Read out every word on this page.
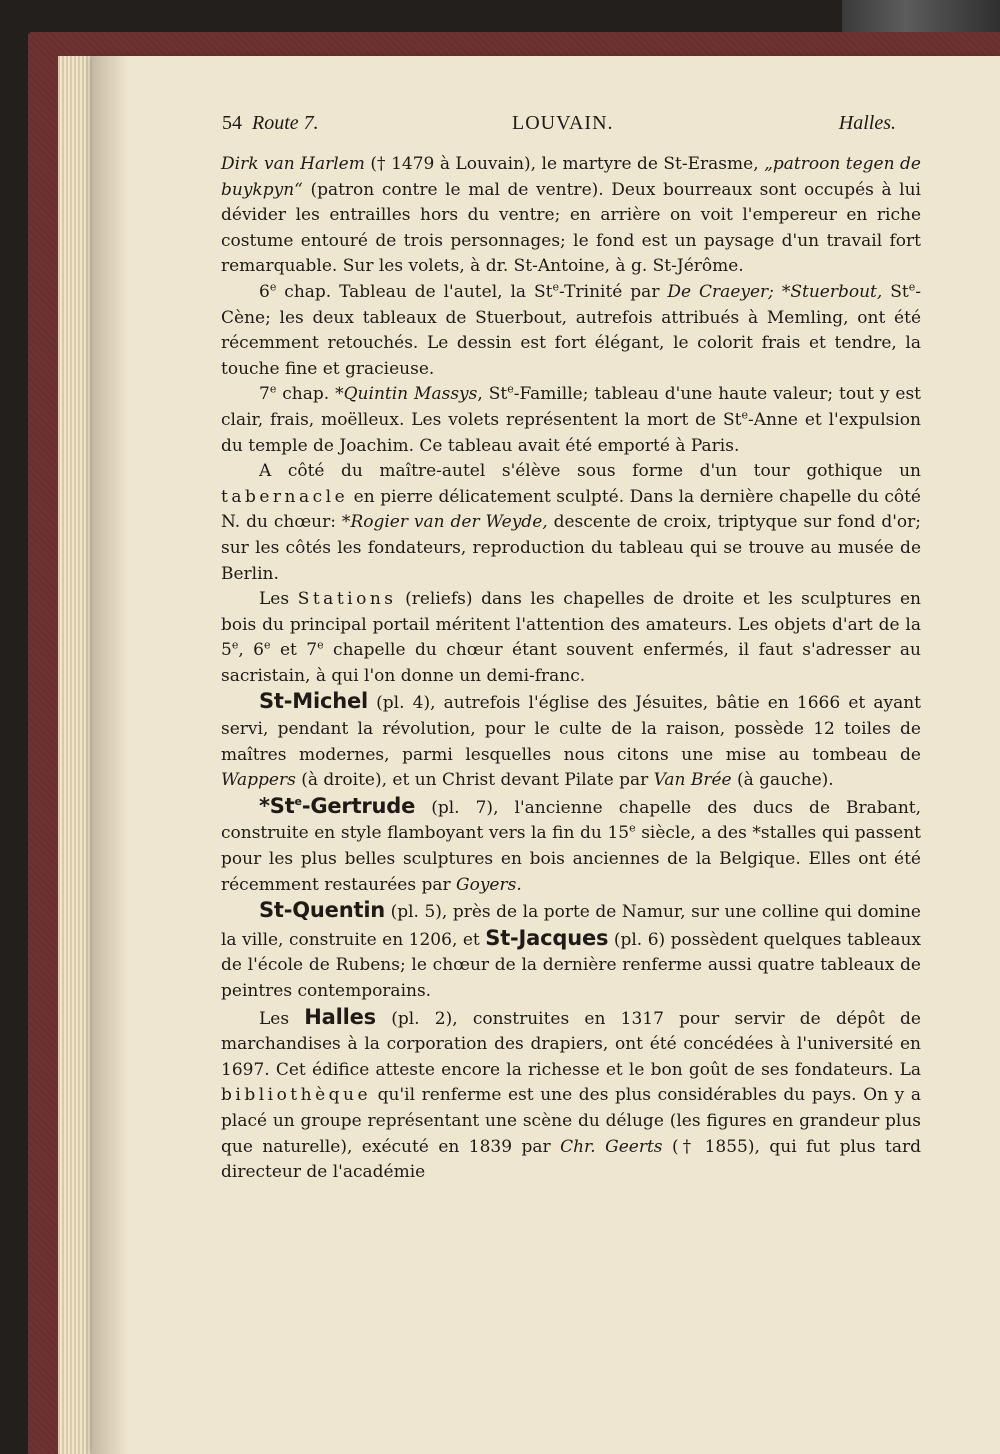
54 Route 7.	LOUVAIN.	Halles.

Dirk van Harlem († 1479 à Louvain), le martyre de St-Erasme, „patroon tegen de buykpyn“ (patron contre le mal de ventre). Deux bourreaux sont occupés à lui dévider les entrailles hors du ventre; en arrière on voit l'empereur en riche costume entouré de trois personnages; le fond est un paysage d'un travail fort remarquable. Sur les volets, à dr. St-Antoine, à g. St-Jérôme.

6e chap. Tableau de l'autel, la St$^e$-Trinité par De Craeyer; *Stuerbout, St$^e$-Cène; les deux tableaux de Stuerbout, autrefois attribués à Memling, ont été récemment retouchés. Le dessin est fort élégant, le colorit frais et tendre, la touche fine et gracieuse.

7e chap. *Quintin Massys, St$^e$-Famille; tableau d'une haute valeur; tout y est clair, frais, moëlleux. Les volets représentent la mort de St$^e$-Anne et l'expulsion du temple de Joachim. Ce tableau avait été emporté à Paris.

A côté du maître-autel s'élève sous forme d'un tour gothique un tabernacle en pierre délicatement sculpté. Dans la dernière chapelle du côté N. du chœur: *Rogier van der Weyde, descente de croix, triptyque sur fond d'or; sur les côtés les fondateurs, reproduction du tableau qui se trouve au musée de Berlin.

Les Stations (reliefs) dans les chapelles de droite et les sculptures en bois du principal portail méritent l'attention des amateurs. Les objets d'art de la 5e, 6e et 7e chapelle du chœur étant souvent enfermés, il faut s'adresser au sacristain, à qui l'on donne un demi-franc.

St-Michel (pl. 4), autrefois l'église des Jésuites, bâtie en 1666 et ayant servi, pendant la révolution, pour le culte de la raison, possède 12 toiles de maîtres modernes, parmi lesquelles nous citons une mise au tombeau de Wappers (à droite), et un Christ devant Pilate par Van Brée (à gauche).

*St$^e$-Gertrude (pl. 7), l'ancienne chapelle des ducs de Brabant, construite en style flamboyant vers la fin du 15e siècle, a des *stalles qui passent pour les plus belles sculptures en bois anciennes de la Belgique. Elles ont été récemment restaurées par Goyers.

St-Quentin (pl. 5), près de la porte de Namur, sur une colline qui domine la ville, construite en 1206, et St-Jacques (pl. 6) possèdent quelques tableaux de l'école de Rubens; le chœur de la dernière renferme aussi quatre tableaux de peintres contemporains.

Les Halles (pl. 2), construites en 1317 pour servir de dépôt de marchandises à la corporation des drapiers, ont été concédées à l'université en 1697. Cet édifice atteste encore la richesse et le bon goût de ses fondateurs. La bibliothèque qu'il renferme est une des plus considérables du pays. On y a placé un groupe représentant une scène du déluge (les figures en grandeur plus que naturelle), exécuté en 1839 par Chr. Geerts († 1855), qui fut plus tard directeur de l'académie
